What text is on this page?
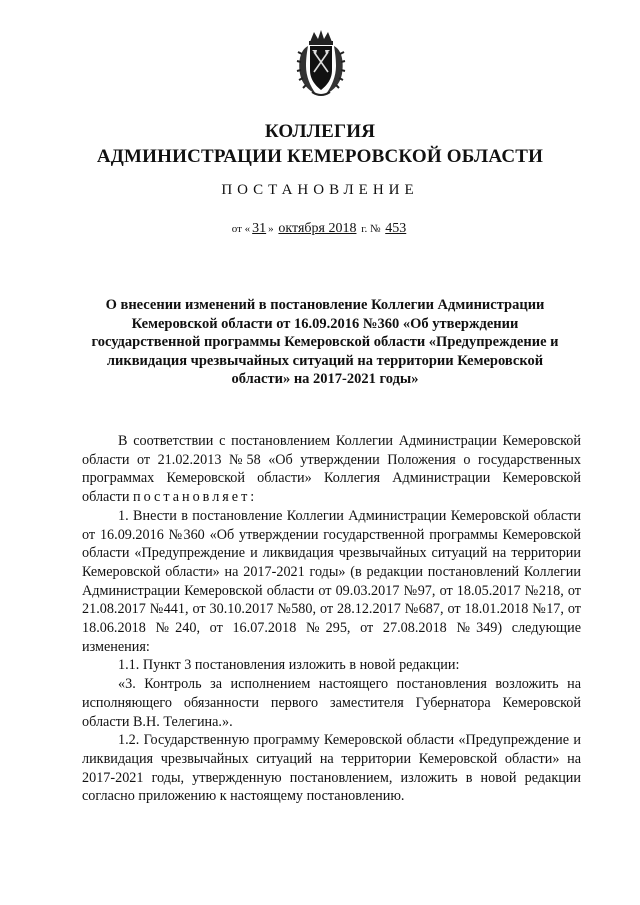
КОЛЛЕГИЯ
АДМИНИСТРАЦИИ КЕМЕРОВСКОЙ ОБЛАСТИ
ПОСТАНОВЛЕНИЕ
от « 31 » октября 2018 г. № 453

О внесении изменений в постановление Коллегии Администрации Кемеровской области от 16.09.2016 №360 «Об утверждении государственной программы Кемеровской области «Предупреждение и ликвидация чрезвычайных ситуаций на территории Кемеровской области» на 2017-2021 годы»

В соответствии с постановлением Коллегии Администрации Кемеровской области от 21.02.2013 №58 «Об утверждении Положения о государственных программах Кемеровской области» Коллегия Администрации Кемеровской области постановляет:

1. Внести в постановление Коллегии Администрации Кемеровской области от 16.09.2016 №360 «Об утверждении государственной программы Кемеровской области «Предупреждение и ликвидация чрезвычайных ситуаций на территории Кемеровской области» на 2017-2021 годы» (в редакции постановлений Коллегии Администрации Кемеровской области от 09.03.2017 №97, от 18.05.2017 №218, от 21.08.2017 №441, от 30.10.2017 №580, от 28.12.2017 №687, от 18.01.2018 №17, от 18.06.2018 №240, от 16.07.2018 №295, от 27.08.2018 №349) следующие изменения:

1.1. Пункт 3 постановления изложить в новой редакции:

«3. Контроль за исполнением настоящего постановления возложить на исполняющего обязанности первого заместителя Губернатора Кемеровской области В.Н. Телегина.».

1.2. Государственную программу Кемеровской области «Предупреждение и ликвидация чрезвычайных ситуаций на территории Кемеровской области» на 2017-2021 годы, утвержденную постановлением, изложить в новой редакции согласно приложению к настоящему постановлению.
